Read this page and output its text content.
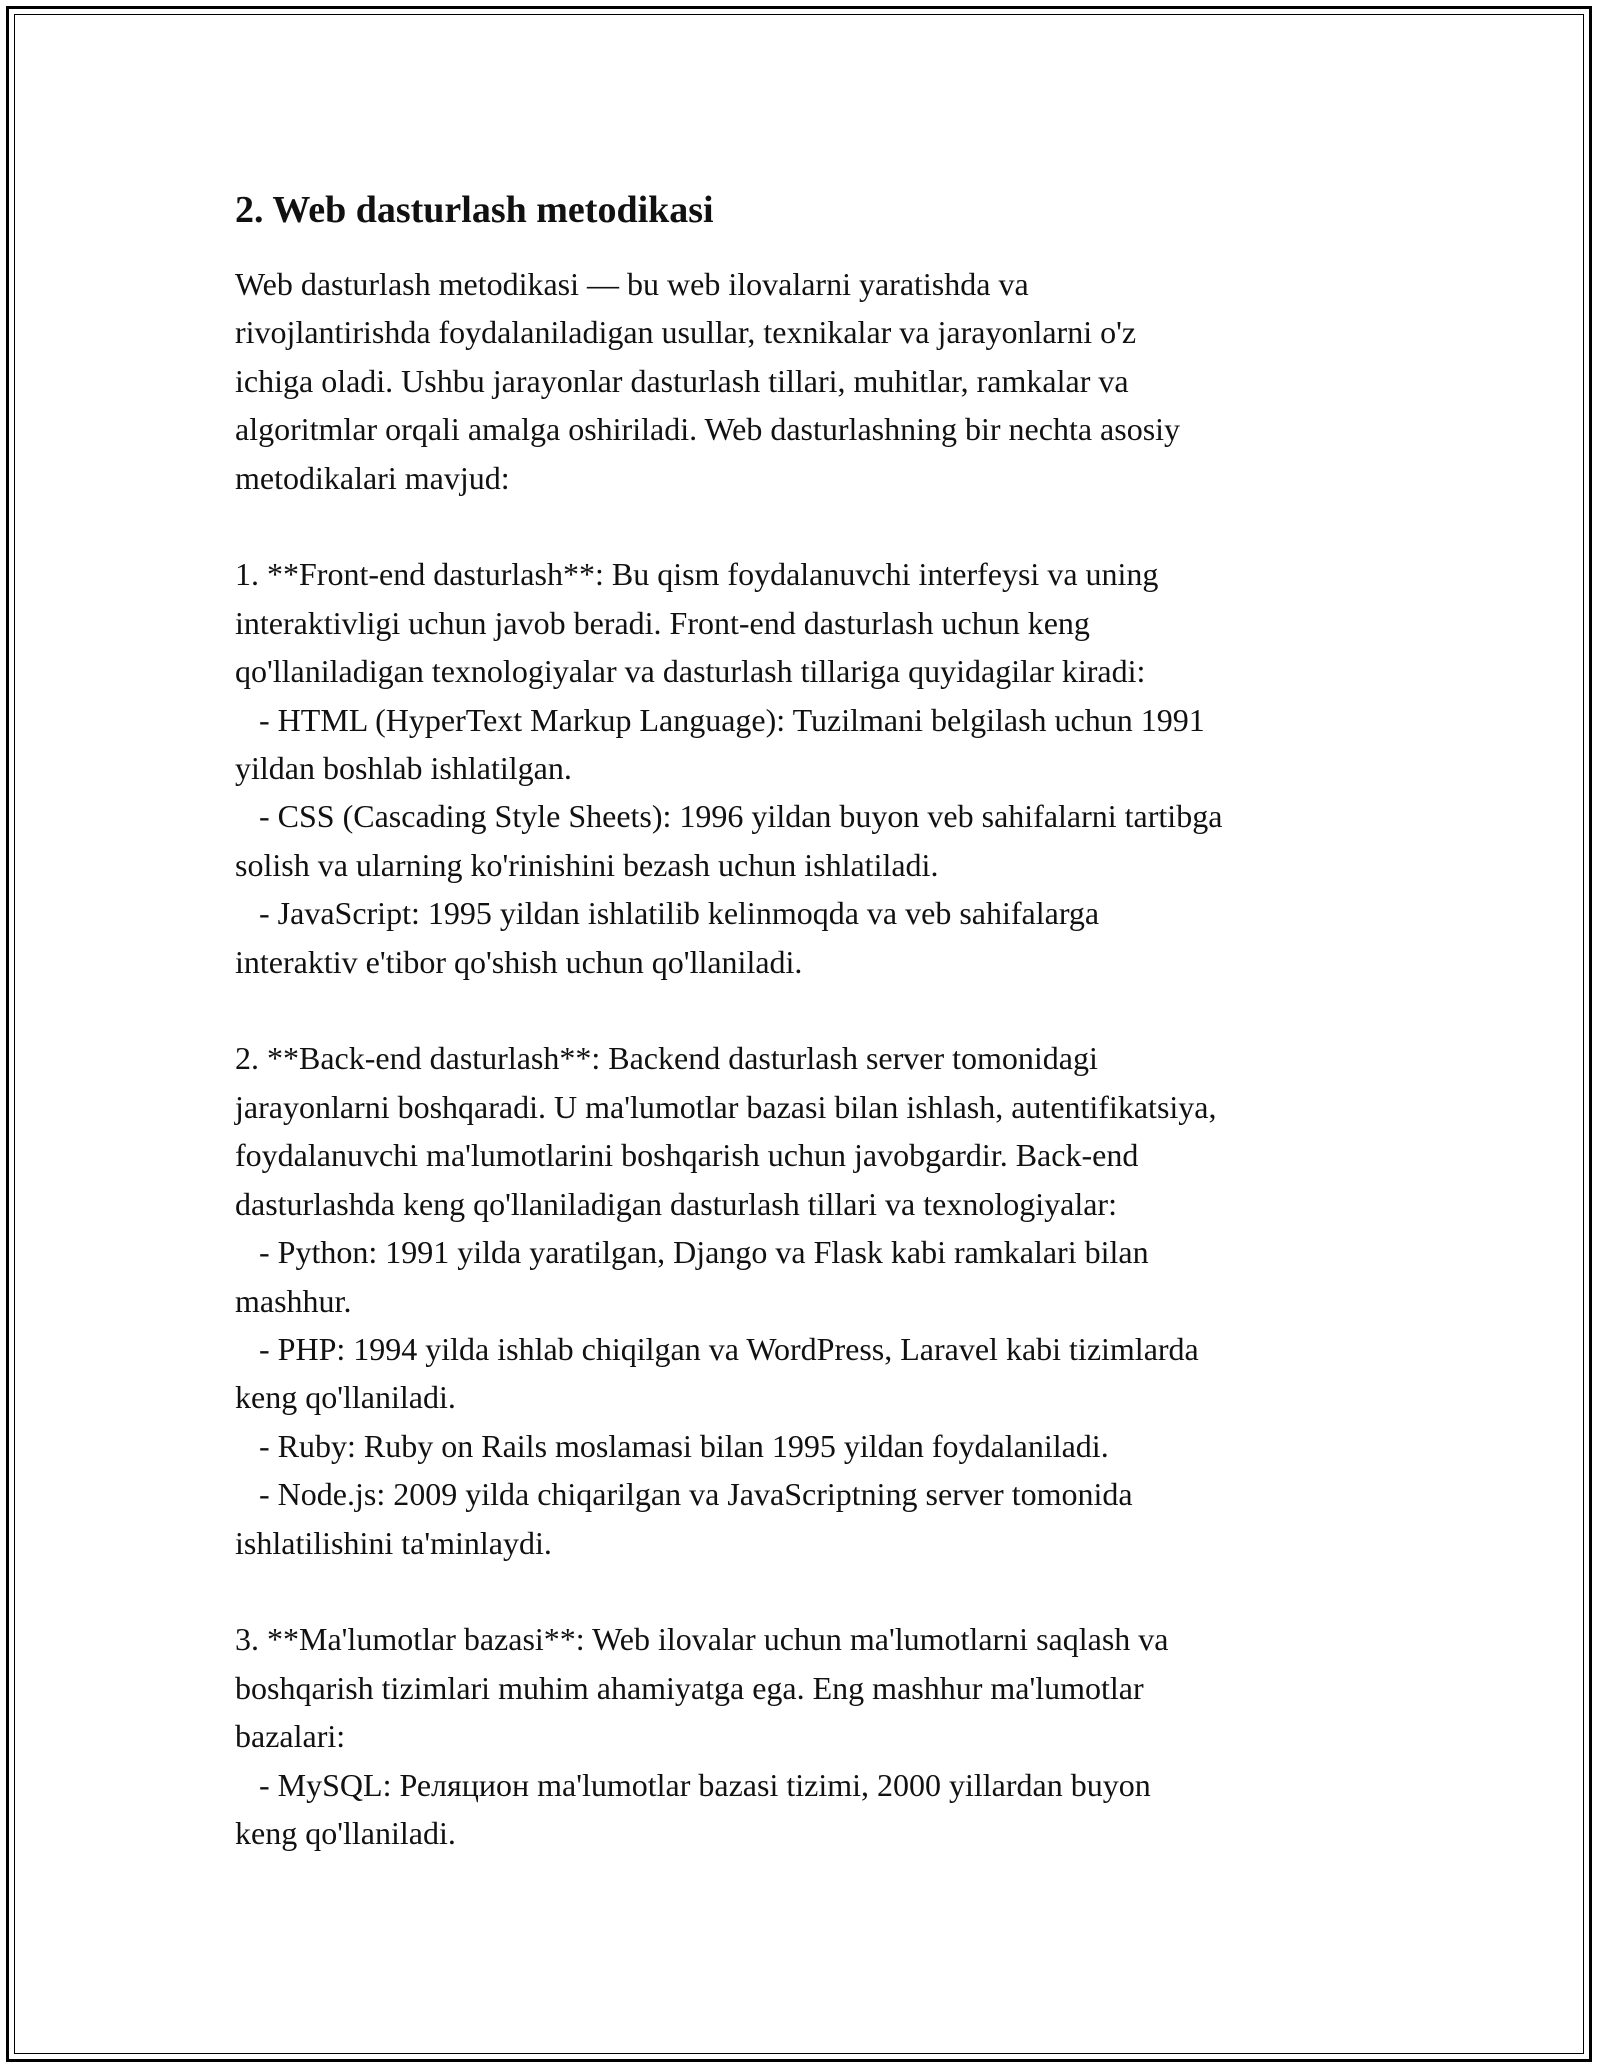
2. Web dasturlash metodikasi
Web dasturlash metodikasi — bu web ilovalarni yaratishda va
rivojlantirishda foydalaniladigan usullar, texnikalar va jarayonlarni o'z
ichiga oladi. Ushbu jarayonlar dasturlash tillari, muhitlar, ramkalar va
algoritmlar orqali amalga oshiriladi. Web dasturlashning bir nechta asosiy
metodikalari mavjud:
1. **Front-end dasturlash**: Bu qism foydalanuvchi interfeysi va uning
interaktivligi uchun javob beradi. Front-end dasturlash uchun keng
qo'llaniladigan texnologiyalar va dasturlash tillariga quyidagilar kiradi:
- HTML (HyperText Markup Language): Tuzilmani belgilash uchun 1991
yildan boshlab ishlatilgan.
- CSS (Cascading Style Sheets): 1996 yildan buyon veb sahifalarni tartibga
solish va ularning ko'rinishini bezash uchun ishlatiladi.
- JavaScript: 1995 yildan ishlatilib kelinmoqda va veb sahifalarga
interaktiv e'tibor qo'shish uchun qo'llaniladi.

2. **Back-end dasturlash**: Backend dasturlash server tomonidagi
jarayonlarni boshqaradi. U ma'lumotlar bazasi bilan ishlash, autentifikatsiya,
foydalanuvchi ma'lumotlarini boshqarish uchun javobgardir. Back-end
dasturlashda keng qo'llaniladigan dasturlash tillari va texnologiyalar:
- Python: 1991 yilda yaratilgan, Django va Flask kabi ramkalari bilan
mashhur.
- PHP: 1994 yilda ishlab chiqilgan va WordPress, Laravel kabi tizimlarda
keng qo'llaniladi.
- Ruby: Ruby on Rails moslamasi bilan 1995 yildan foydalaniladi.
- Node.js: 2009 yilda chiqarilgan va JavaScriptning server tomonida
ishlatilishini ta'minlaydi.

3. **Ma'lumotlar bazasi**: Web ilovalar uchun ma'lumotlarni saqlash va
boshqarish tizimlari muhim ahamiyatga ega. Eng mashhur ma'lumotlar
bazalari:
- MySQL: Реляцион ma'lumotlar bazasi tizimi, 2000 yillardan buyon
keng qo'llaniladi.
